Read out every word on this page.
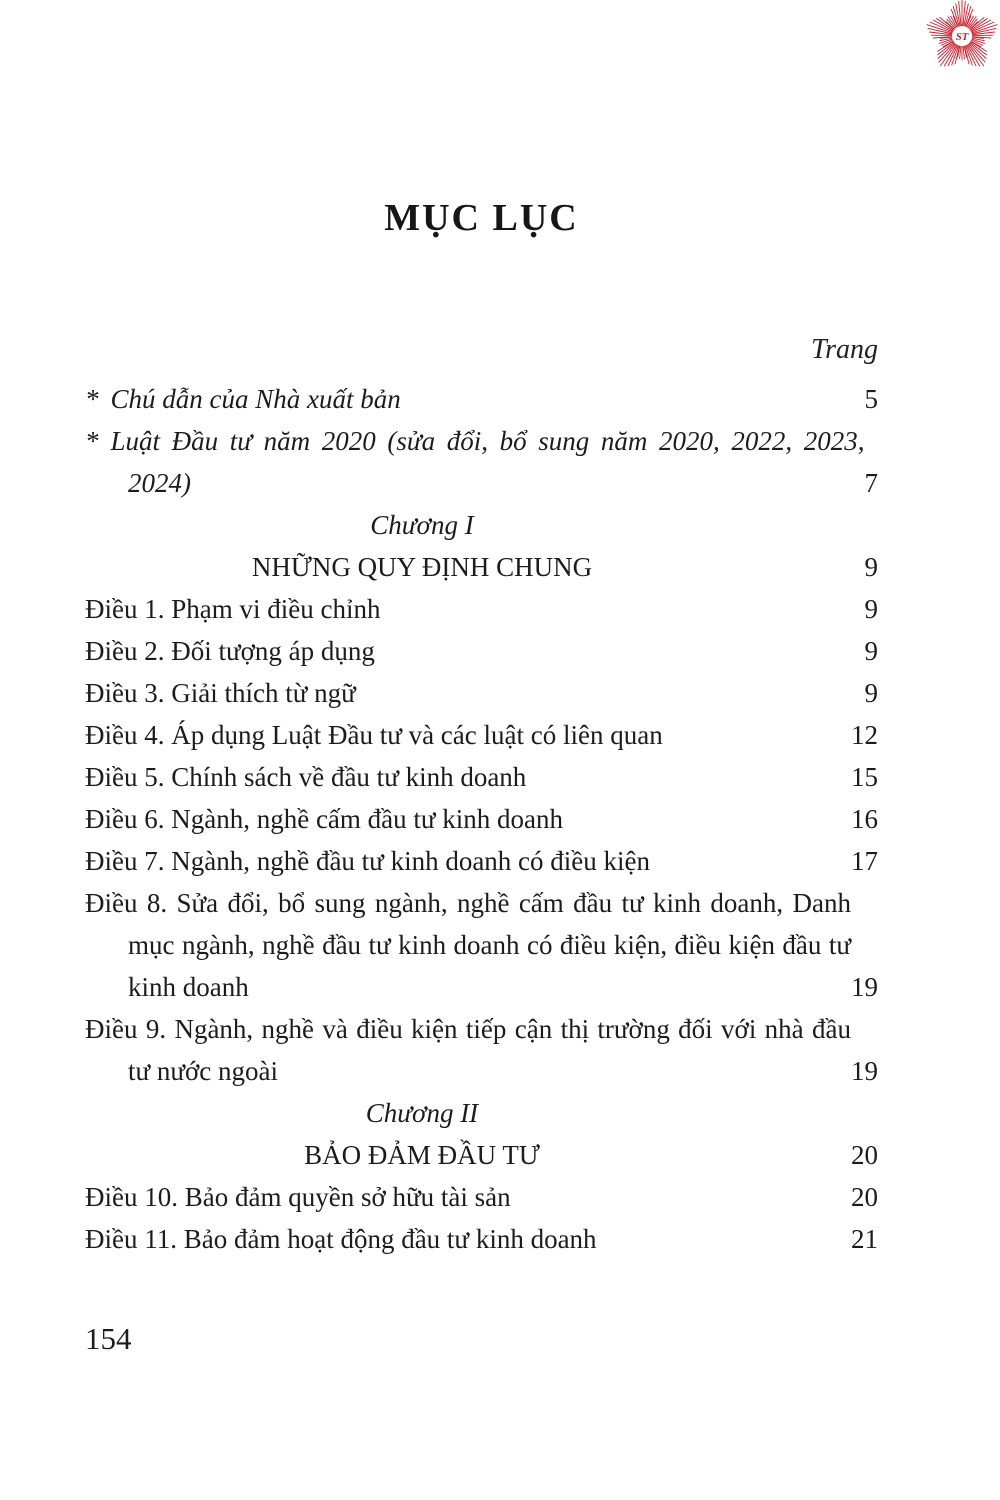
ST
MỤC LỤC
Trang
* Chú dẫn của Nhà xuất bản	5
* Luật Đầu tư năm 2020 (sửa đổi, bổ sung năm 2020, 2022, 2023, 2024)	7
Chương I
NHỮNG QUY ĐỊNH CHUNG	9
Điều 1. Phạm vi điều chỉnh	9
Điều 2. Đối tượng áp dụng	9
Điều 3. Giải thích từ ngữ	9
Điều 4. Áp dụng Luật Đầu tư và các luật có liên quan	12
Điều 5. Chính sách về đầu tư kinh doanh	15
Điều 6. Ngành, nghề cấm đầu tư kinh doanh	16
Điều 7. Ngành, nghề đầu tư kinh doanh có điều kiện	17
Điều 8. Sửa đổi, bổ sung ngành, nghề cấm đầu tư kinh doanh, Danh mục ngành, nghề đầu tư kinh doanh có điều kiện, điều kiện đầu tư kinh doanh	19
Điều 9. Ngành, nghề và điều kiện tiếp cận thị trường đối với nhà đầu tư nước ngoài	19
Chương II
BẢO ĐẢM ĐẦU TƯ	20
Điều 10. Bảo đảm quyền sở hữu tài sản	20
Điều 11. Bảo đảm hoạt động đầu tư kinh doanh	21
154
